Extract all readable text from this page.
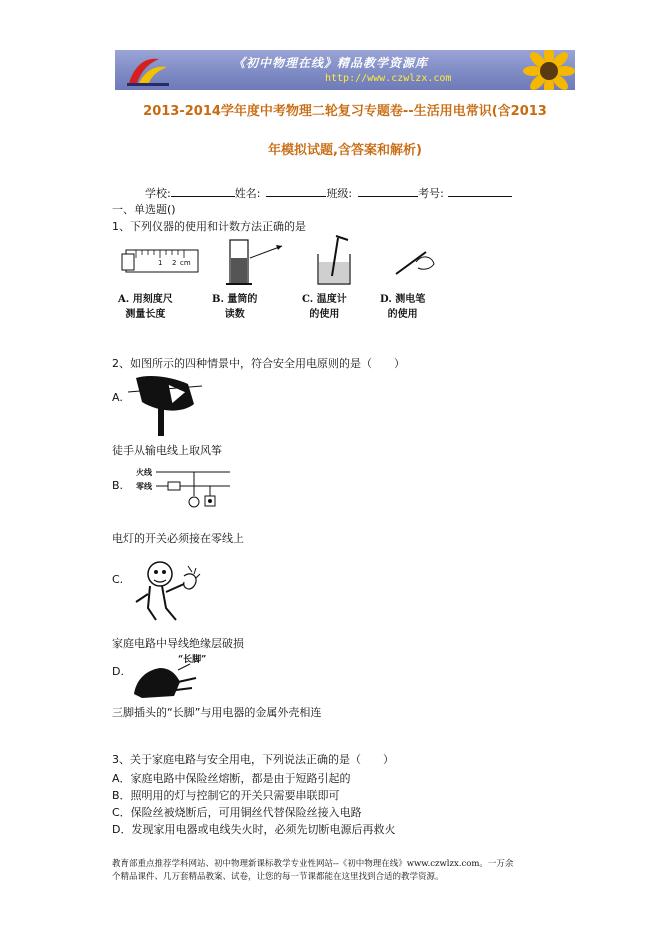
《初中物理在线》精品教学资源库
http://www.czwlzx.com
2013-2014学年度中考物理二轮复习专题卷--生活用电常识(含2013
年模拟试题,含答案和解析)
学校:	姓名:	班级:	考号:
一、单选题()
1、下列仪器的使用和计数方法正确的是
1 2 cm
A. 用刻度尺
测量长度
B. 量筒的
读数
C. 温度计
的使用
D. 测电笔
的使用
2、如图所示的四种情景中，符合安全用电原则的是（　　）
A.
徒手从输电线上取风筝
火线
零线
B.
电灯的开关必须接在零线上
C.
家庭电路中导线绝缘层破损
“长脚”
D.
三脚插头的“长脚”与用电器的金属外壳相连
3、关于家庭电路与安全用电，下列说法正确的是（　　）
A．家庭电路中保险丝熔断，都是由于短路引起的
B．照明用的灯与控制它的开关只需要串联即可
C．保险丝被烧断后，可用铜丝代替保险丝接入电路
D．发现家用电器或电线失火时，必须先切断电源后再救火
教育部重点推荐学科网站、初中物理新课标教学专业性网站--《初中物理在线》www.czwlzx.com。一万余
个精品课件、几万套精品教案、试卷，让您的每一节课都能在这里找到合适的教学资源。
